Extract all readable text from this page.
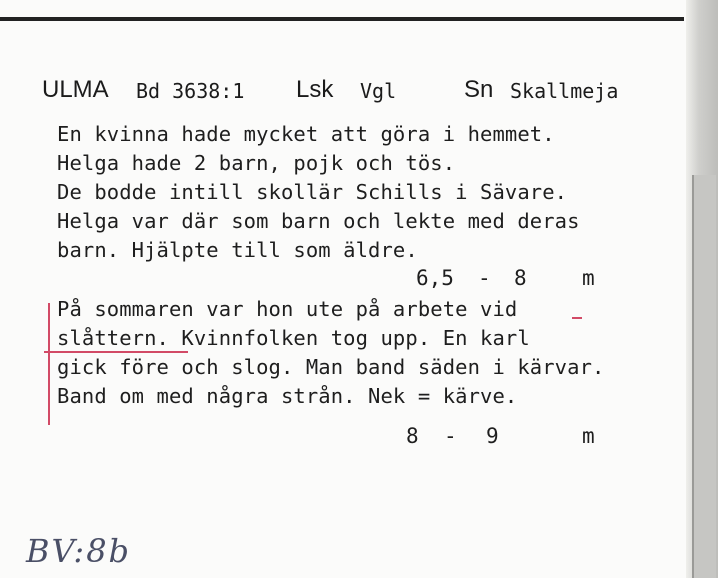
ULMA Bd 3638:1 Lsk Vgl	Sn Skallmeja
En kvinna hade mycket att göra i hemmet.
Helga hade 2 barn, pojk och tös.
De bodde intill skollär Schills i Sävare.
Helga var där som barn och lekte med deras
barn. Hjälpte till som äldre.
6,5 - 8	m
På sommaren var hon ute på arbete vid
slåttern. Kvinnfolken tog upp. En karl
gick före och slog. Man band säden i kärvar.
Band om med några strån. Nek = kärve.
8 - 9	m
BV:8b
